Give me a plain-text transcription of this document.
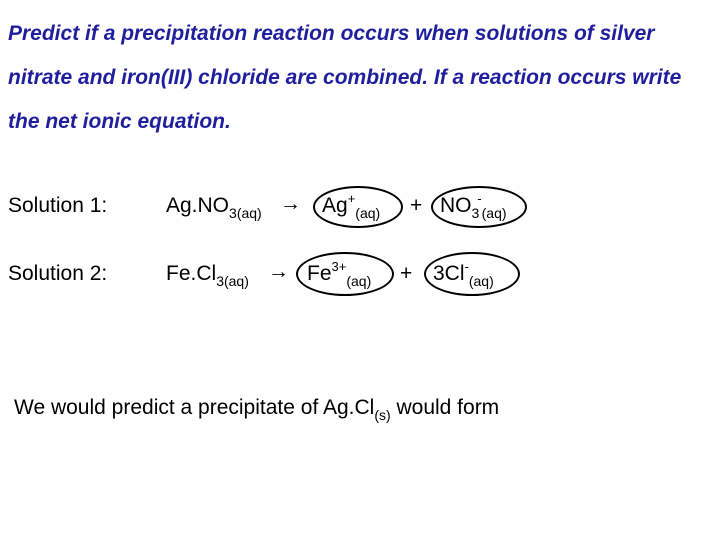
Predict if a precipitation reaction occurs when solutions of silver nitrate and iron(III) chloride are combined. If a reaction occurs write the net ionic equation.
Solution 1:	$Ag.NO_{3(aq)} \to Ag^+_{(aq)} + NO_3^-_{(aq)}$
Solution 2:	$Fe.Cl_{3(aq)} \to Fe^{3+}_{(aq)} + 3Cl^-_{(aq)}$
We would predict a precipitate of $Ag.Cl_{(s)}$ would form
